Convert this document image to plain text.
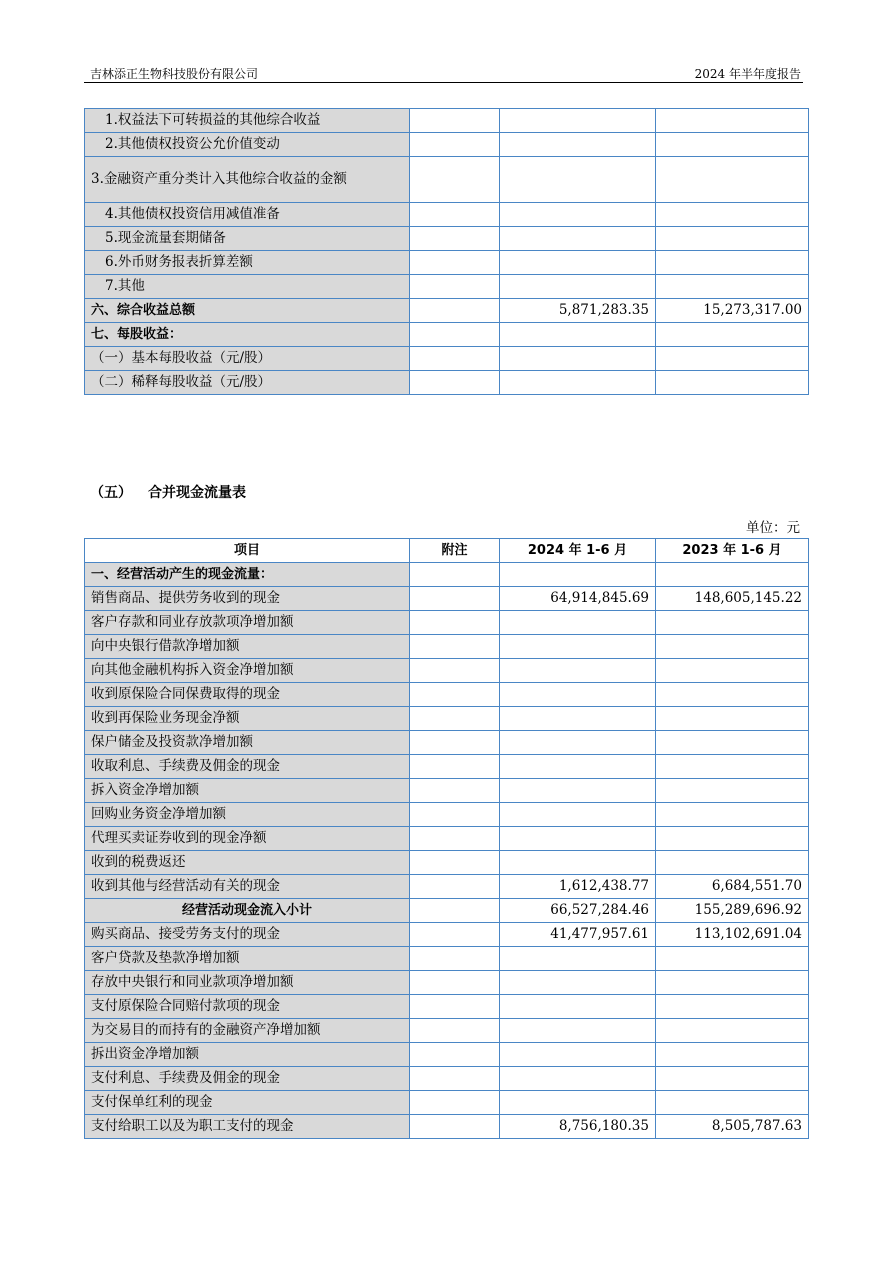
吉林添正生物科技股份有限公司	2024 年半年度报告
1.权益法下可转损益的其他综合收益			
2.其他债权投资公允价值变动			
3.金融资产重分类计入其他综合收益的金额			
4.其他债权投资信用减值准备			
5.现金流量套期储备			
6.外币财务报表折算差额			
7.其他			
六、综合收益总额		5,871,283.35	15,273,317.00
七、每股收益：			
（一）基本每股收益（元/股）			
（二）稀释每股收益（元/股）			
（五） 合并现金流量表
单位：元
项目	附注	2024 年 1-6 月	2023 年 1-6 月
一、经营活动产生的现金流量：			
销售商品、提供劳务收到的现金		64,914,845.69	148,605,145.22
客户存款和同业存放款项净增加额			
向中央银行借款净增加额			
向其他金融机构拆入资金净增加额			
收到原保险合同保费取得的现金			
收到再保险业务现金净额			
保户储金及投资款净增加额			
收取利息、手续费及佣金的现金			
拆入资金净增加额			
回购业务资金净增加额			
代理买卖证券收到的现金净额			
收到的税费返还			
收到其他与经营活动有关的现金		1,612,438.77	6,684,551.70
经营活动现金流入小计		66,527,284.46	155,289,696.92
购买商品、接受劳务支付的现金		41,477,957.61	113,102,691.04
客户贷款及垫款净增加额			
存放中央银行和同业款项净增加额			
支付原保险合同赔付款项的现金			
为交易目的而持有的金融资产净增加额			
拆出资金净增加额			
支付利息、手续费及佣金的现金			
支付保单红利的现金			
支付给职工以及为职工支付的现金		8,756,180.35	8,505,787.63
